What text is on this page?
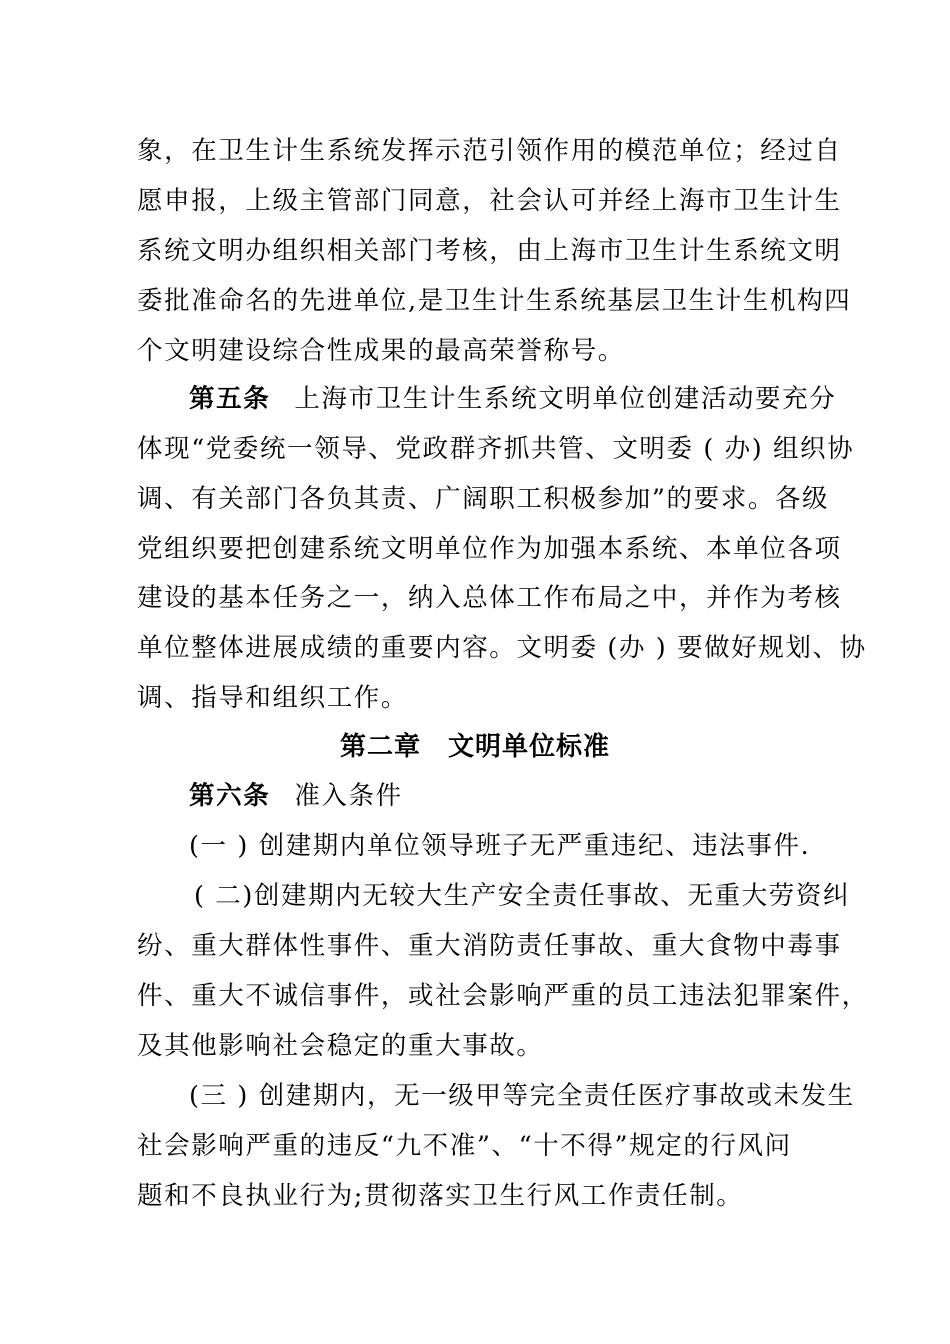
象，在卫生计生系统发挥示范引领作用的模范单位；经过自
愿申报，上级主管部门同意，社会认可并经上海市卫生计生
系统文明办组织相关部门考核，由上海市卫生计生系统文明
委批准命名的先进单位,是卫生计生系统基层卫生计生机构四
个文明建设综合性成果的最高荣誉称号。
第五条 上海市卫生计生系统文明单位创建活动要充分
体现“党委统一领导、党政群齐抓共管、文明委 ( 办) 组织协
调、有关部门各负其责、广阔职工积极参加”的要求。各级
党组织要把创建系统文明单位作为加强本系统、本单位各项
建设的基本任务之一，纳入总体工作布局之中，并作为考核
单位整体进展成绩的重要内容。文明委 (办 ) 要做好规划、协
调、指导和组织工作。
第二章　文明单位标准
第六条 准入条件
(一 ) 创建期内单位领导班子无严重违纪、违法事件.
( 二)创建期内无较大生产安全责任事故、无重大劳资纠
纷、重大群体性事件、重大消防责任事故、重大食物中毒事
件、重大不诚信事件，或社会影响严重的员工违法犯罪案件，
及其他影响社会稳定的重大事故。
(三 ) 创建期内，无一级甲等完全责任医疗事故或未发生
社会影响严重的违反“九不准”、“十不得”规定的行风问
题和不良执业行为;贯彻落实卫生行风工作责任制。
